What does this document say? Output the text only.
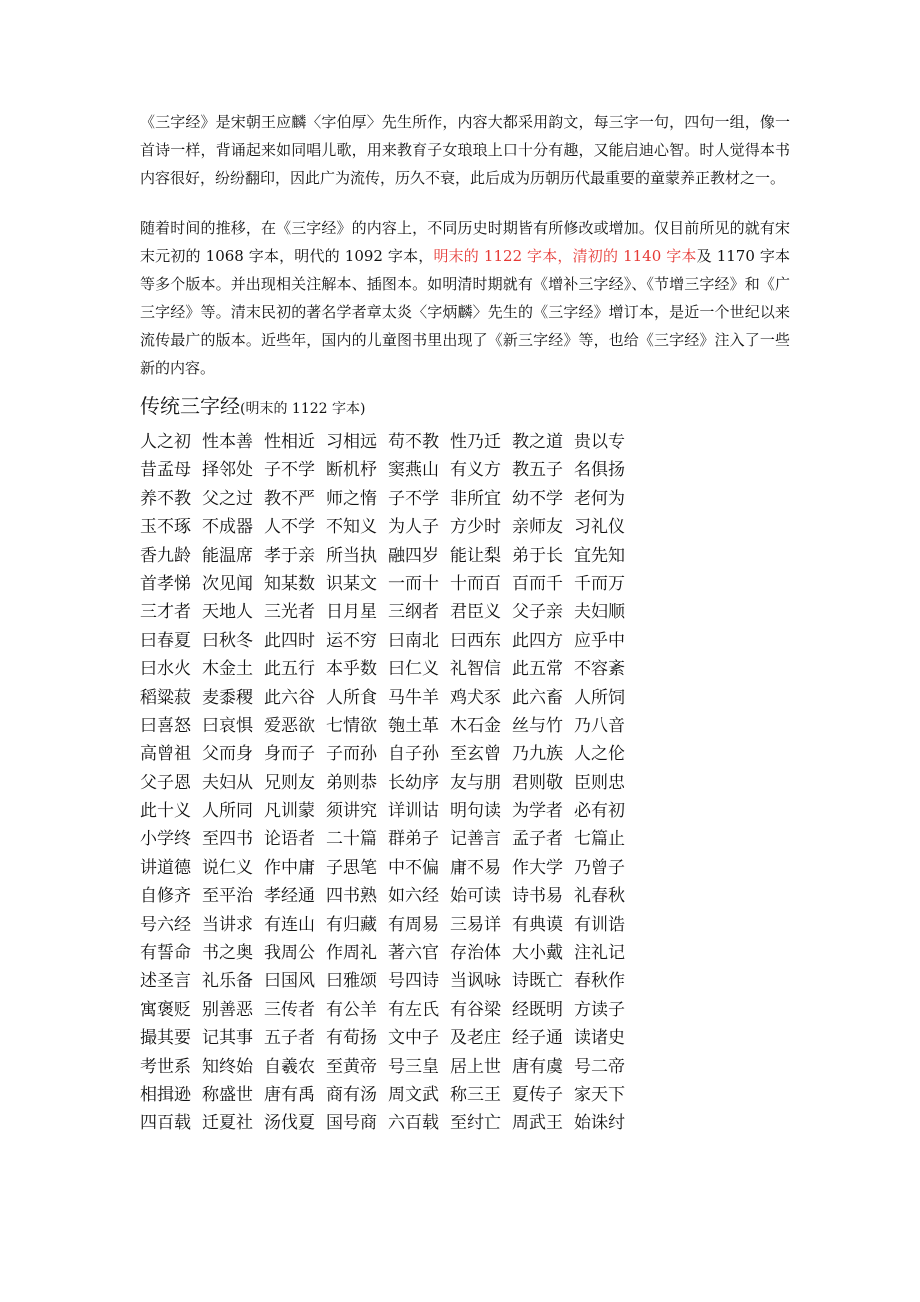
《三字经》是宋朝王应麟〈字伯厚〉先生所作，内容大都采用韵文，每三字一句，四句一组，像一首诗一样，背诵起来如同唱儿歌，用来教育子女琅琅上口十分有趣，又能启迪心智。时人觉得本书内容很好，纷纷翻印，因此广为流传，历久不衰，此后成为历朝历代最重要的童蒙养正教材之一。

随着时间的推移，在《三字经》的内容上，不同历史时期皆有所修改或增加。仅目前所见的就有宋末元初的 1068 字本，明代的 1092 字本，明末的 1122 字本，清初的 1140 字本及 1170 字本等多个版本。并出现相关注解本、插图本。如明清时期就有《增补三字经》、《节增三字经》和《广三字经》等。清末民初的著名学者章太炎〈字炳麟〉先生的《三字经》增订本，是近一个世纪以来流传最广的版本。近些年，国内的儿童图书里出现了《新三字经》等，也给《三字经》注入了一些新的内容。

传统三字经(明末的 1122 字本)
人之初 性本善 性相近 习相远 苟不教 性乃迁 教之道 贵以专
昔孟母 择邻处 子不学 断机杼 窦燕山 有义方 教五子 名俱扬
养不教 父之过 教不严 师之惰 子不学 非所宜 幼不学 老何为
玉不琢 不成器 人不学 不知义 为人子 方少时 亲师友 习礼仪
香九龄 能温席 孝于亲 所当执 融四岁 能让梨 弟于长 宜先知
首孝悌 次见闻 知某数 识某文 一而十 十而百 百而千 千而万
三才者 天地人 三光者 日月星 三纲者 君臣义 父子亲 夫妇顺
曰春夏 曰秋冬 此四时 运不穷 曰南北 曰西东 此四方 应乎中
曰水火 木金土 此五行 本乎数 曰仁义 礼智信 此五常 不容紊
稻粱菽 麦黍稷 此六谷 人所食 马牛羊 鸡犬豕 此六畜 人所饲
曰喜怒 曰哀惧 爱恶欲 七情欲 匏土革 木石金 丝与竹 乃八音
高曾祖 父而身 身而子 子而孙 自子孙 至玄曾 乃九族 人之伦
父子恩 夫妇从 兄则友 弟则恭 长幼序 友与朋 君则敬 臣则忠
此十义 人所同 凡训蒙 须讲究 详训诂 明句读 为学者 必有初
小学终 至四书 论语者 二十篇 群弟子 记善言 孟子者 七篇止
讲道德 说仁义 作中庸 子思笔 中不偏 庸不易 作大学 乃曾子
自修齐 至平治 孝经通 四书熟 如六经 始可读 诗书易 礼春秋
号六经 当讲求 有连山 有归藏 有周易 三易详 有典谟 有训诰
有誓命 书之奥 我周公 作周礼 著六官 存治体 大小戴 注礼记
述圣言 礼乐备 曰国风 曰雅颂 号四诗 当讽咏 诗既亡 春秋作
寓褒贬 别善恶 三传者 有公羊 有左氏 有谷梁 经既明 方读子
撮其要 记其事 五子者 有荀扬 文中子 及老庄 经子通 读诸史
考世系 知终始 自羲农 至黄帝 号三皇 居上世 唐有虞 号二帝
相揖逊 称盛世 唐有禹 商有汤 周文武 称三王 夏传子 家天下
四百载 迁夏社 汤伐夏 国号商 六百载 至纣亡 周武王 始诛纣
